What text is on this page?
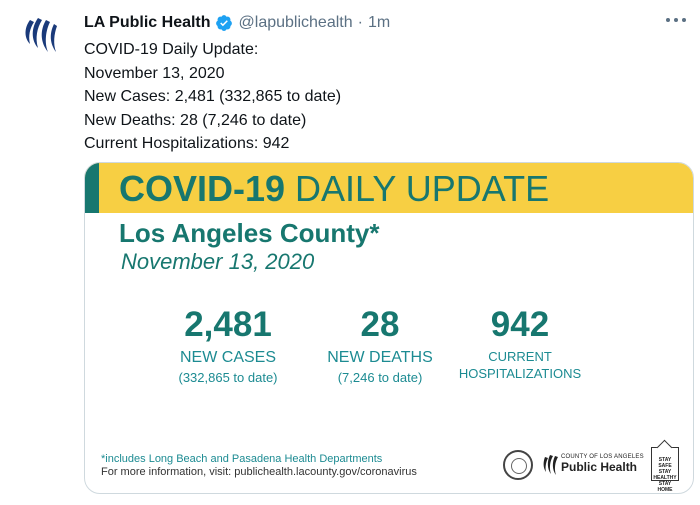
LA Public Health @lapublichealth · 1m
COVID-19 Daily Update:
November 13, 2020
New Cases: 2,481 (332,865 to date)
New Deaths: 28 (7,246 to date)
Current Hospitalizations: 942
COVID-19 DAILY UPDATE
Los Angeles County*
November 13, 2020
2,481
NEW CASES
(332,865 to date)
28
NEW DEATHS
(7,246 to date)
942
CURRENT
HOSPITALIZATIONS
*includes Long Beach and Pasadena Health Departments
For more information, visit: publichealth.lacounty.gov/coronavirus
COUNTY OF LOS ANGELES
Public Health	STAY SAFE
STAY HEALTHY
STAY HOME
